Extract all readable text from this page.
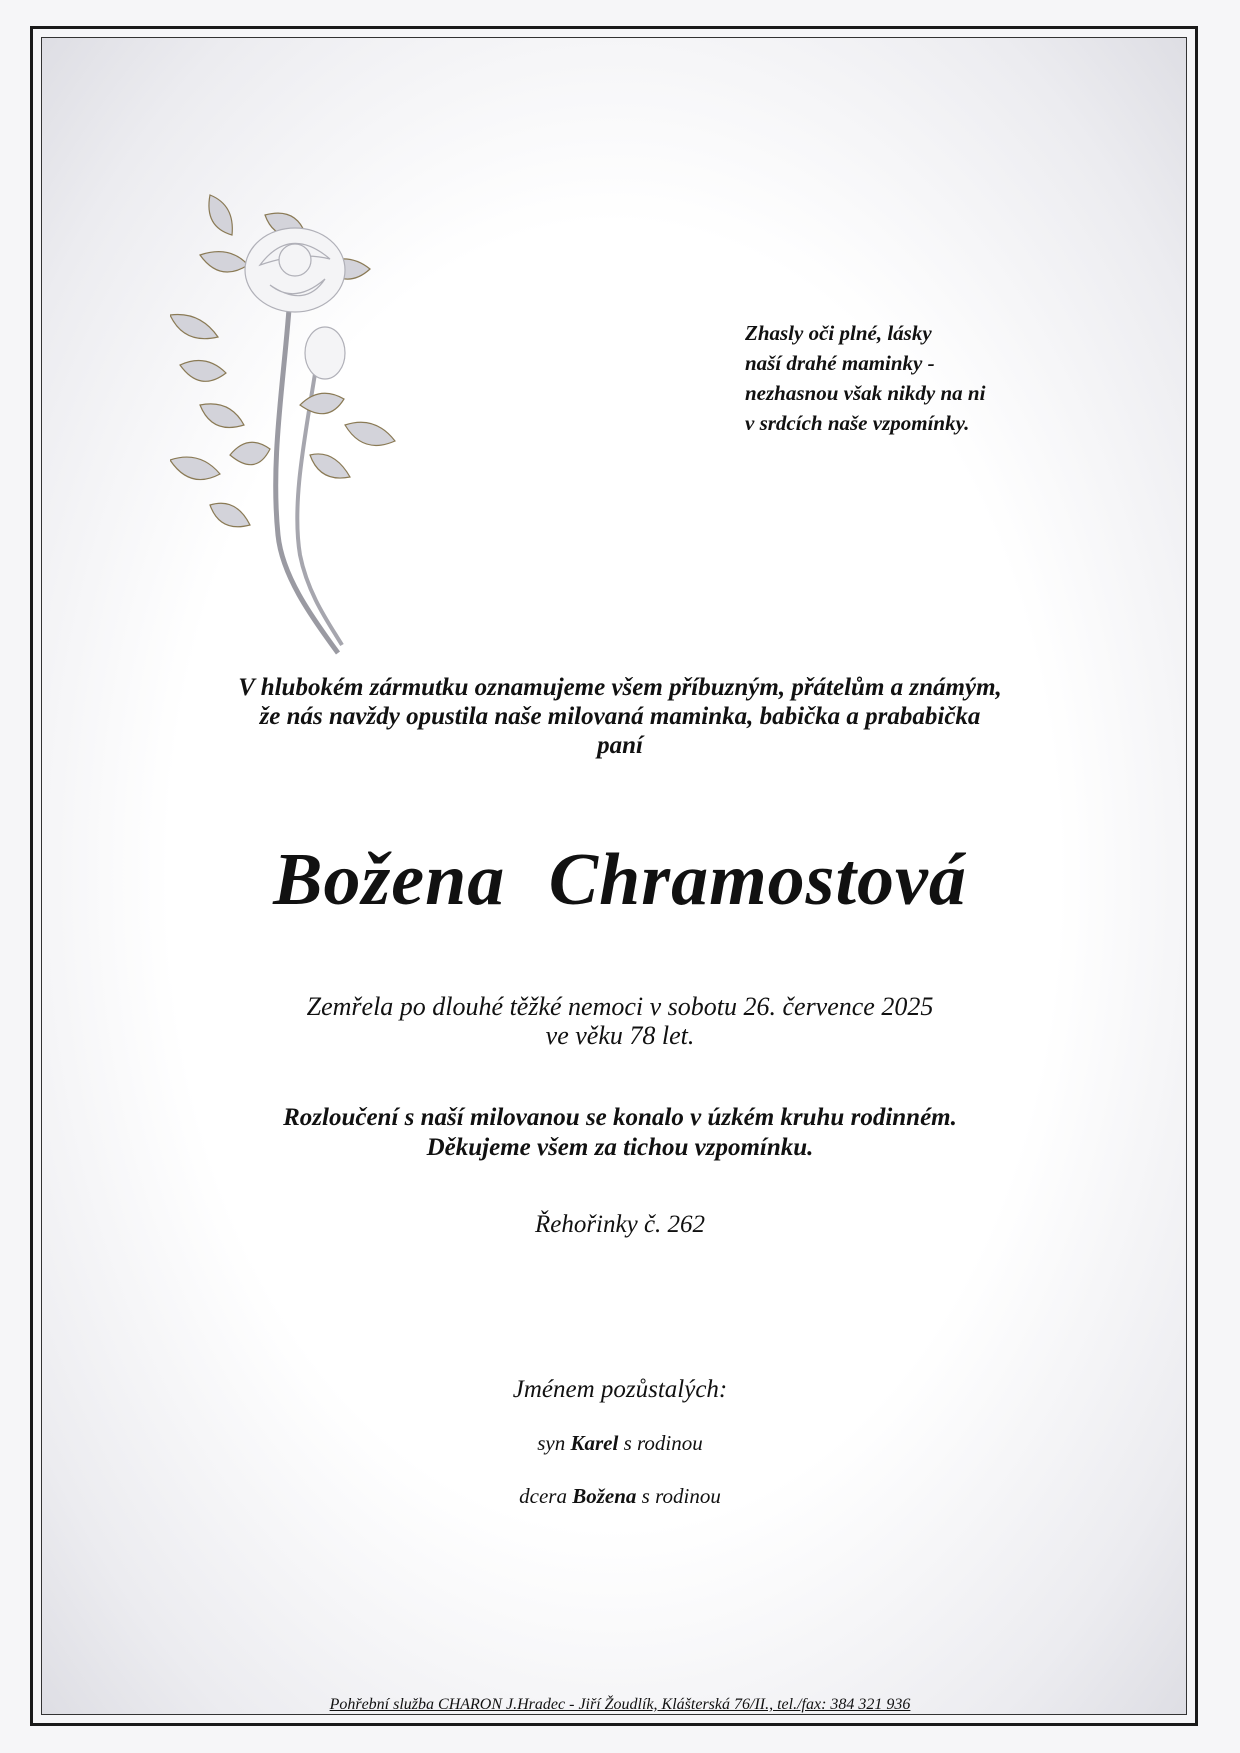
Zhasly oči plné, lásky
naší drahé maminky -
nezhasnou však nikdy na ni
v srdcích naše vzpomínky.

V hlubokém zármutku oznamujeme všem příbuzným, přátelům a známým,
že nás navždy opustila naše milovaná maminka, babička a prababička
paní

Božena Chramostová

Zemřela po dlouhé těžké nemoci v sobotu 26. července 2025
ve věku 78 let.

Rozloučení s naší milovanou se konalo v úzkém kruhu rodinném.
Děkujeme všem za tichou vzpomínku.

Řehořinky č. 262

Jménem pozůstalých:

syn Karel s rodinou

dcera Božena s rodinou

Pohřební služba CHARON J.Hradec - Jiří Žoudlík, Klášterská 76/II., tel./fax: 384 321 936
